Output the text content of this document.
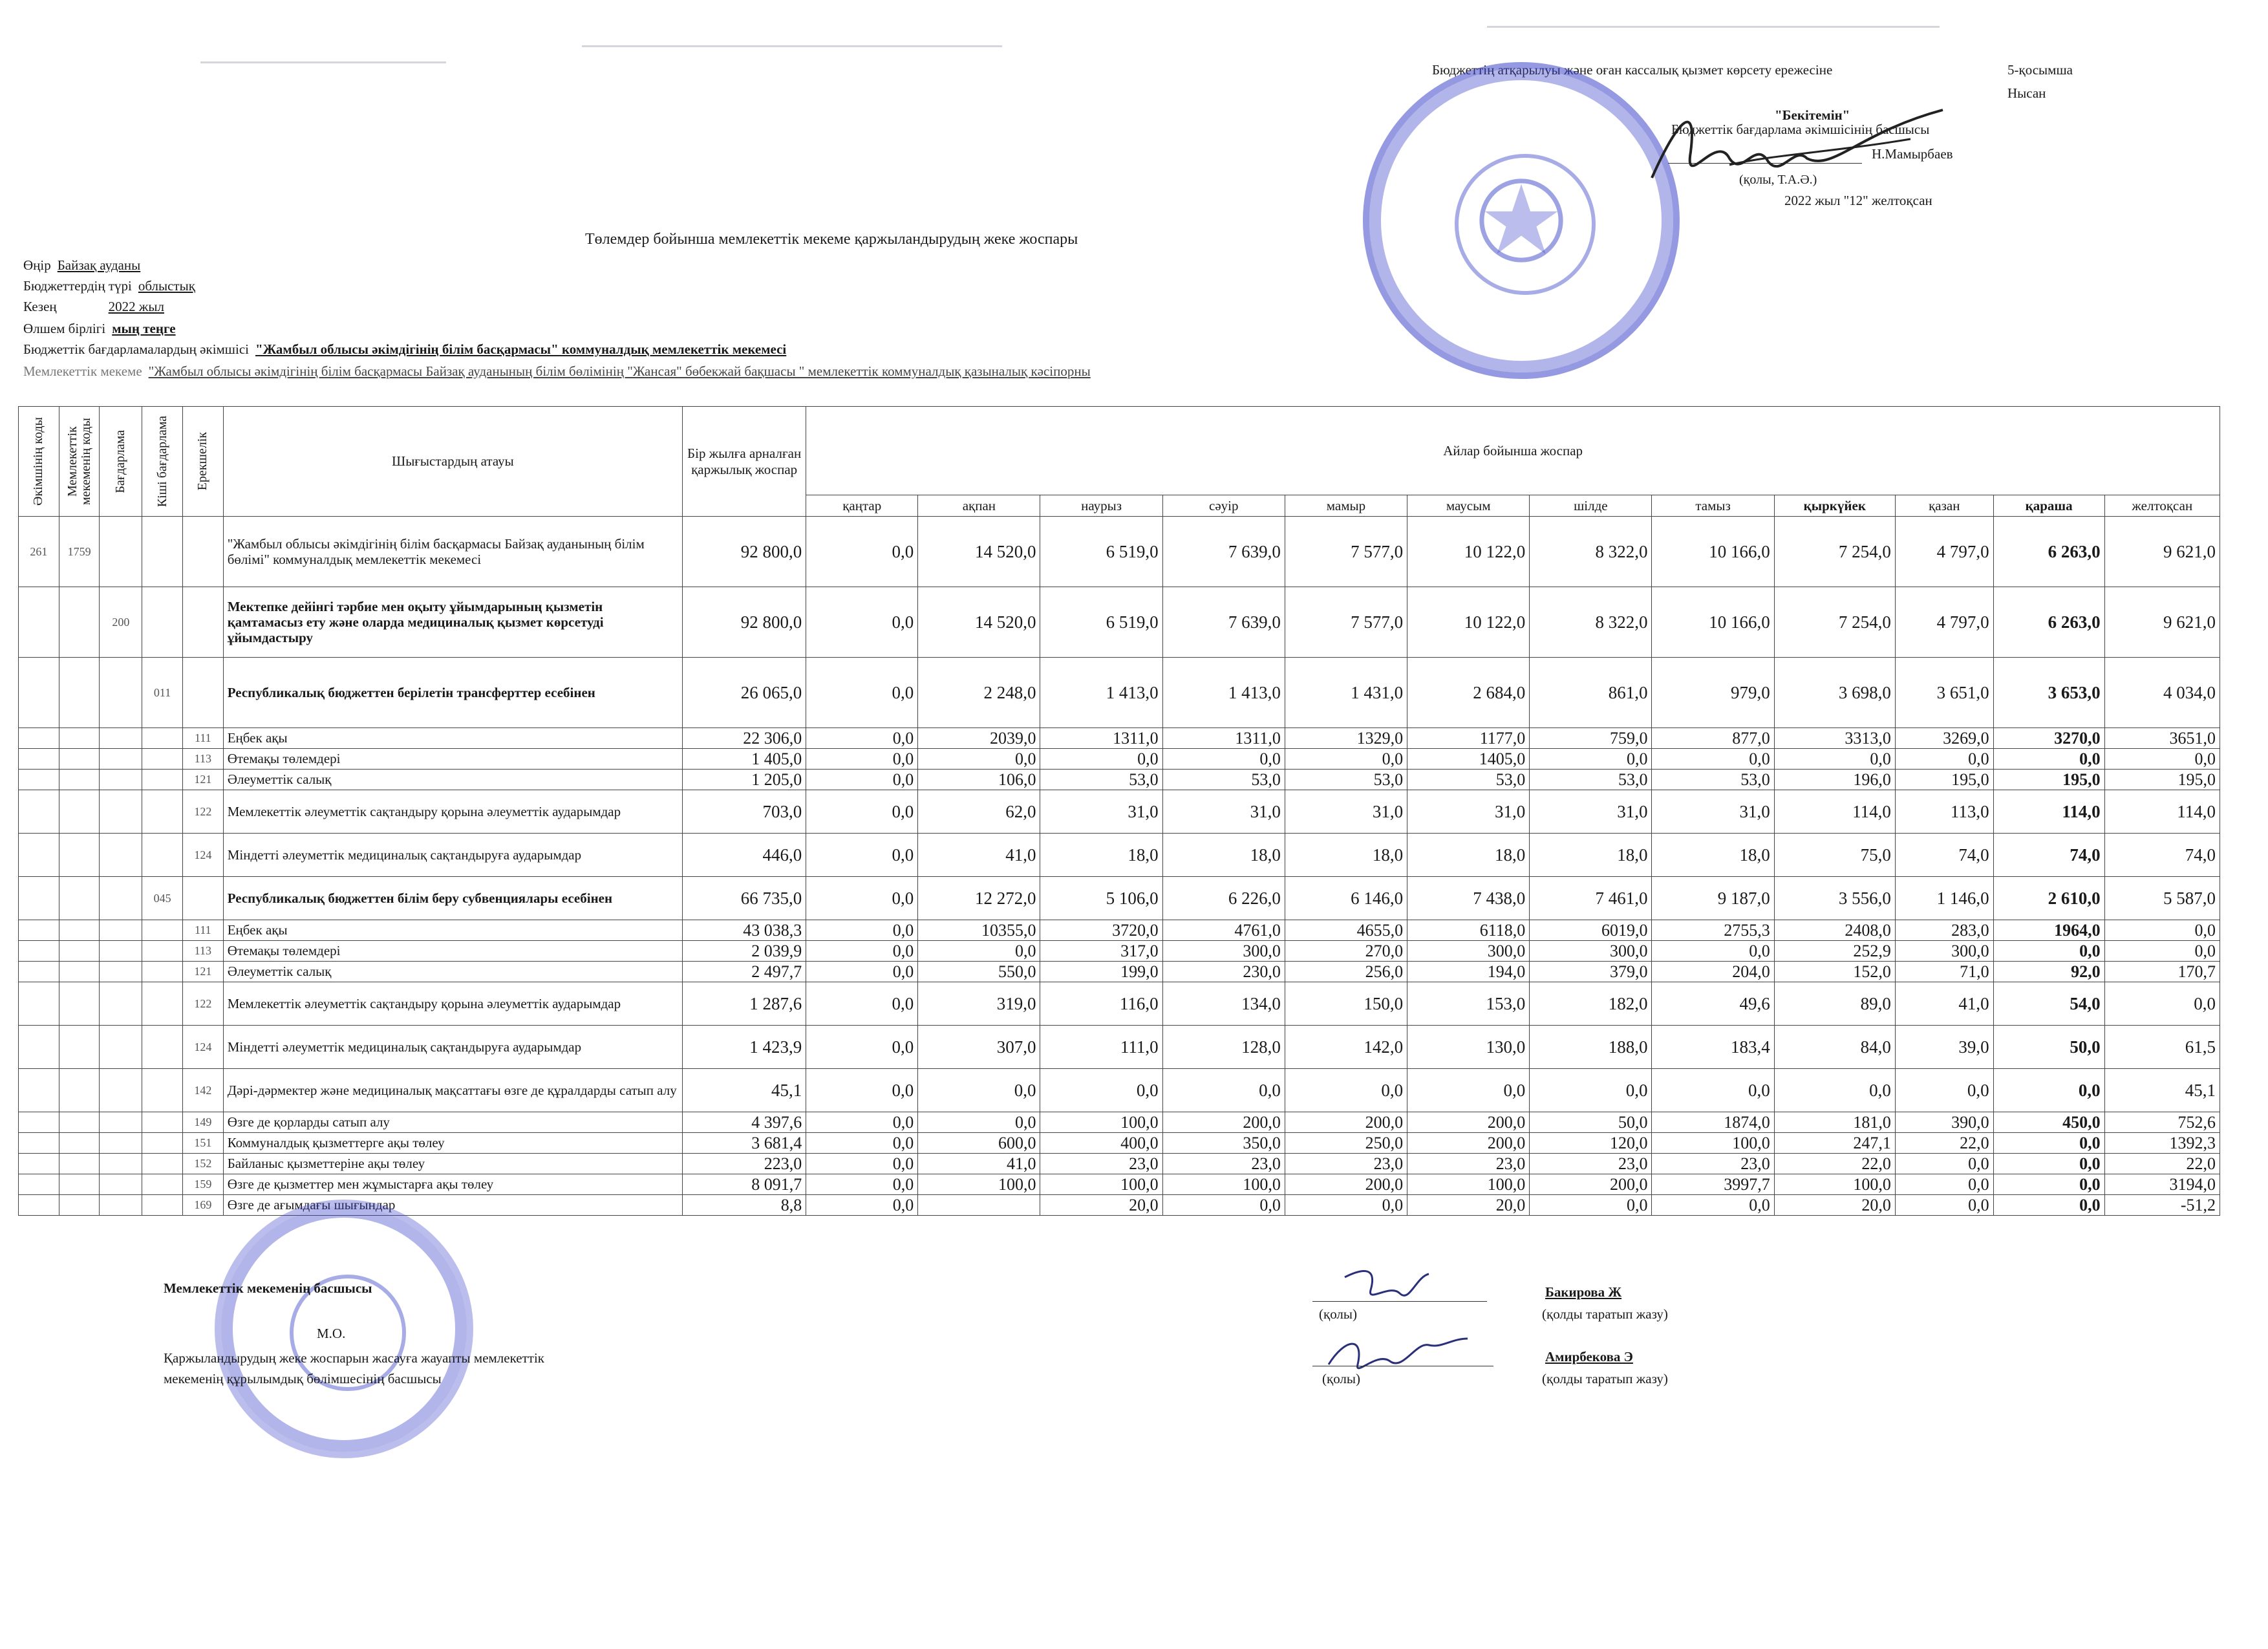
Бюджеттің атқарылуы және оған кассалық қызмет көрсету ережесіне	5-қосымша
Нысан
"Бекітемін"
Бюджеттік бағдарлама әкімшісінің басшысы
Н.Мамырбаев
(қолы, Т.А.Ә.)
2022 жыл "12" желтоқсан
Төлемдер бойынша мемлекеттік мекеме қаржыландырудың жеке жоспары
Өңір Байзақ ауданы
Бюджеттердің түрі облыстық
Кезең	2022 жыл
Өлшем бірлігі мың теңге
Бюджеттік бағдарламалардың әкімшісі "Жамбыл облысы әкімдігінің білім басқармасы" коммуналдық мемлекеттік мекемесі
Мемлекеттік мекеме "Жамбыл облысы әкімдігінің білім басқармасы Байзақ ауданының білім бөлімінің "Жансая" бөбекжай бақшасы " мемлекеттік коммуналдық қазыналық кәсіпорны
Әкімшінің коды	Мемлекеттік мекеменің коды	Бағдарлама	Кіші бағдарлама	Ерекшелік	Шығыстардың атауы	Бір жылға арналған қаржылық жоспар	Айлар бойынша жоспар											
							қаңтар	ақпан	наурыз	сәуір	мамыр	маусым	шілде	тамыз	қыркүйек	қазан	қараша	желтоқсан
261	1759				"Жамбыл облысы әкімдігінің білім басқармасы Байзақ ауданының білім бөлімі" коммуналдық мемлекеттік мекемесі	92 800,0	0,0	14 520,0	6 519,0	7 639,0	7 577,0	10 122,0	8 322,0	10 166,0	7 254,0	4 797,0	6 263,0	9 621,0
		200			Мектепке дейінгі тәрбие мен оқыту ұйымдарының қызметін қамтамасыз ету және оларда медициналық қызмет көрсетуді ұйымдастыру	92 800,0	0,0	14 520,0	6 519,0	7 639,0	7 577,0	10 122,0	8 322,0	10 166,0	7 254,0	4 797,0	6 263,0	9 621,0
			011		Республикалық бюджеттен берілетін трансферттер есебінен	26 065,0	0,0	2 248,0	1 413,0	1 413,0	1 431,0	2 684,0	861,0	979,0	3 698,0	3 651,0	3 653,0	4 034,0
				111	Еңбек ақы	22 306,0	0,0	2039,0	1311,0	1311,0	1329,0	1177,0	759,0	877,0	3313,0	3269,0	3270,0	3651,0
				113	Өтемақы төлемдері	1 405,0	0,0	0,0	0,0	0,0	0,0	1405,0	0,0	0,0	0,0	0,0	0,0	0,0
				121	Әлеуметтік салық	1 205,0	0,0	106,0	53,0	53,0	53,0	53,0	53,0	53,0	196,0	195,0	195,0	195,0
				122	Мемлекеттік әлеуметтік сақтандыру қорына әлеуметтік аударымдар	703,0	0,0	62,0	31,0	31,0	31,0	31,0	31,0	31,0	114,0	113,0	114,0	114,0
				124	Міндетті әлеуметтік медициналық сақтандыруға аударымдар	446,0	0,0	41,0	18,0	18,0	18,0	18,0	18,0	18,0	75,0	74,0	74,0	74,0
			045		Республикалық бюджеттен білім беру субвенциялары есебінен	66 735,0	0,0	12 272,0	5 106,0	6 226,0	6 146,0	7 438,0	7 461,0	9 187,0	3 556,0	1 146,0	2 610,0	5 587,0
				111	Еңбек ақы	43 038,3	0,0	10355,0	3720,0	4761,0	4655,0	6118,0	6019,0	2755,3	2408,0	283,0	1964,0	0,0
				113	Өтемақы төлемдері	2 039,9	0,0	0,0	317,0	300,0	270,0	300,0	300,0	0,0	252,9	300,0	0,0	0,0
				121	Әлеуметтік салық	2 497,7	0,0	550,0	199,0	230,0	256,0	194,0	379,0	204,0	152,0	71,0	92,0	170,7
				122	Мемлекеттік әлеуметтік сақтандыру қорына әлеуметтік аударымдар	1 287,6	0,0	319,0	116,0	134,0	150,0	153,0	182,0	49,6	89,0	41,0	54,0	0,0
				124	Міндетті әлеуметтік медициналық сақтандыруға аударымдар	1 423,9	0,0	307,0	111,0	128,0	142,0	130,0	188,0	183,4	84,0	39,0	50,0	61,5
				142	Дәрі-дәрмектер және медициналық мақсаттағы өзге де құралдарды сатып алу	45,1	0,0	0,0	0,0	0,0	0,0	0,0	0,0	0,0	0,0	0,0	0,0	45,1
				149	Өзге де қорларды сатып алу	4 397,6	0,0	0,0	100,0	200,0	200,0	200,0	50,0	1874,0	181,0	390,0	450,0	752,6
				151	Коммуналдық қызметтерге ақы төлеу	3 681,4	0,0	600,0	400,0	350,0	250,0	200,0	120,0	100,0	247,1	22,0	0,0	1392,3
				152	Байланыс қызметтеріне ақы төлеу	223,0	0,0	41,0	23,0	23,0	23,0	23,0	23,0	23,0	22,0	0,0	0,0	22,0
				159	Өзге де қызметтер мен жұмыстарға ақы төлеу	8 091,7	0,0	100,0	100,0	100,0	200,0	100,0	200,0	3997,7	100,0	0,0	0,0	3194,0
				169	Өзге де ағымдағы шығындар	8,8	0,0		20,0	0,0	0,0	20,0	0,0	0,0	20,0	0,0	0,0	-51,2
Мемлекеттік мекеменің басшысы
М.О.
Қаржыландырудың жеке жоспарын жасауға жауапты мемлекеттік
мекеменің құрылымдық бөлімшесінің басшысы
(қолы)
Бакирова Ж
(қолды таратып жазу)
(қолы)
Амирбекова Э
(қолды таратып жазу)
